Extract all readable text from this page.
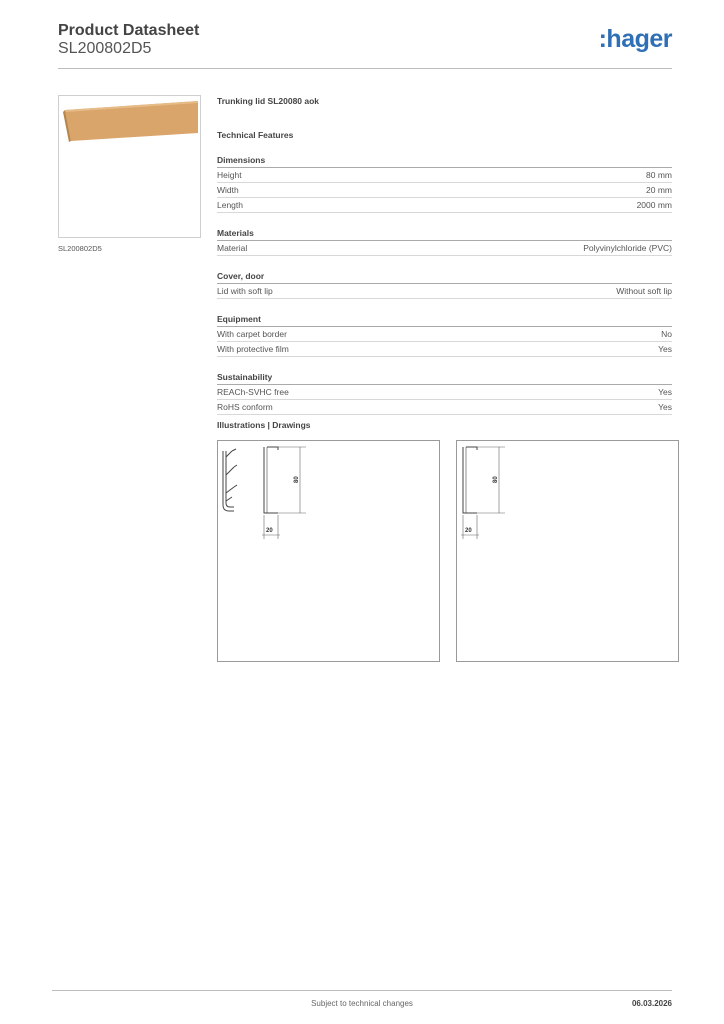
Product Datasheet
SL200802D5	:hager
SL200802D5
Trunking lid SL20080 aok
Technical Features
Dimensions
Height	80 mm
Width	20 mm
Length	2000 mm
Materials
Material	Polyvinylchloride (PVC)
Cover, door
Lid with soft lip	Without soft lip
Equipment
With carpet border	No
With protective film	Yes
Sustainability
REACh-SVHC free	Yes
RoHS conform	Yes
Illustrations | Drawings
80
20
80
20
Subject to technical changes	06.03.2026
